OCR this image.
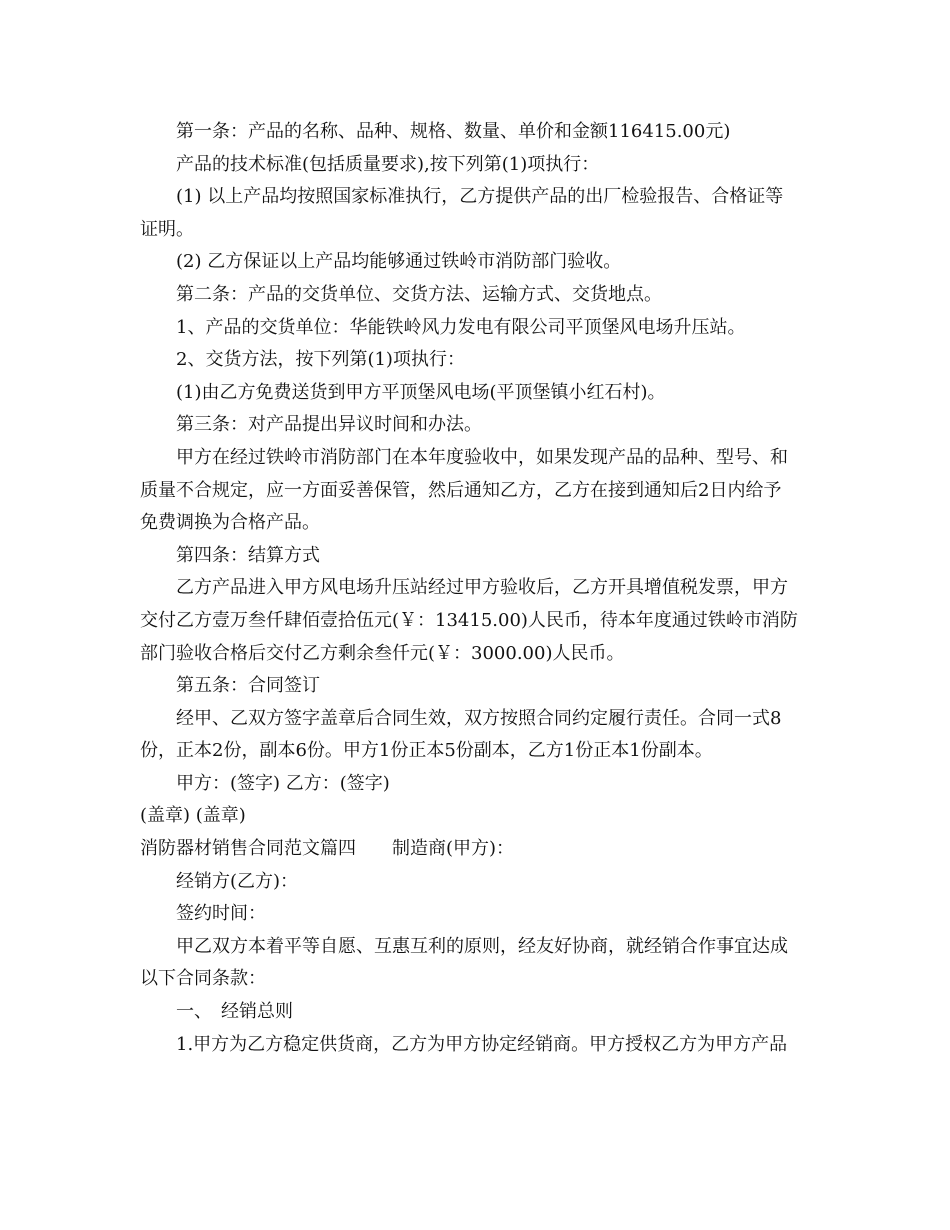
第一条：产品的名称、品种、规格、数量、单价和金额116415.00元)
产品的技术标准(包括质量要求),按下列第(1)项执行：
(1) 以上产品均按照国家标准执行，乙方提供产品的出厂检验报告、合格证等
证明。
(2) 乙方保证以上产品均能够通过铁岭市消防部门验收。
第二条：产品的交货单位、交货方法、运输方式、交货地点。
1、产品的交货单位：华能铁岭风力发电有限公司平顶堡风电场升压站。
2、交货方法，按下列第(1)项执行：
(1)由乙方免费送货到甲方平顶堡风电场(平顶堡镇小红石村)。
第三条：对产品提出异议时间和办法。
甲方在经过铁岭市消防部门在本年度验收中，如果发现产品的品种、型号、和
质量不合规定，应一方面妥善保管，然后通知乙方，乙方在接到通知后2日内给予
免费调换为合格产品。
第四条：结算方式
乙方产品进入甲方风电场升压站经过甲方验收后，乙方开具增值税发票，甲方
交付乙方壹万叁仟肆佰壹拾伍元(￥：13415.00)人民币，待本年度通过铁岭市消防
部门验收合格后交付乙方剩余叁仟元(￥：3000.00)人民币。
第五条：合同签订
经甲、乙双方签字盖章后合同生效，双方按照合同约定履行责任。合同一式8
份，正本2份，副本6份。甲方1份正本5份副本，乙方1份正本1份副本。
甲方：(签字) 乙方：(签字)
(盖章) (盖章)
消防器材销售合同范文篇四 制造商(甲方)：
经销方(乙方)：
签约时间：
甲乙双方本着平等自愿、互惠互利的原则，经友好协商，就经销合作事宜达成
以下合同条款：
一、　经销总则
1.甲方为乙方稳定供货商，乙方为甲方协定经销商。甲方授权乙方为甲方产品
